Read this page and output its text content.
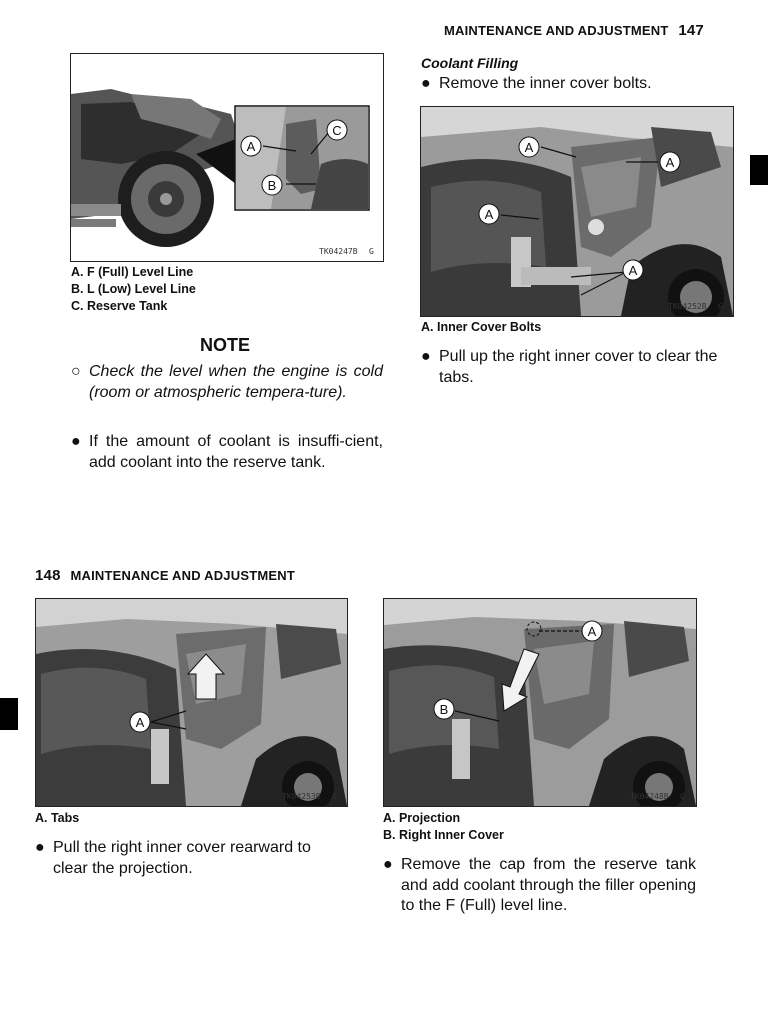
MAINTENANCE AND ADJUSTMENT 147
A
C
B
TK04247B G
A. F (Full) Level Line
B. L (Low) Level Line
C. Reserve Tank
NOTE
○ Check the level when the engine is cold (room or atmospheric tempera-ture).
● If the amount of coolant is insuffi-cient, add coolant into the reserve tank.
Coolant Filling
● Remove the inner cover bolts.
A
A
A
A
TK04252B G
A. Inner Cover Bolts
● Pull up the right inner cover to clear the tabs.
148 MAINTENANCE AND ADJUSTMENT
A
TK04253B G
A. Tabs
● Pull the right inner cover rearward to clear the projection.
A
B
TK04248B G
A. Projection
B. Right Inner Cover
● Remove the cap from the reserve tank and add coolant through the filler opening to the F (Full) level line.
